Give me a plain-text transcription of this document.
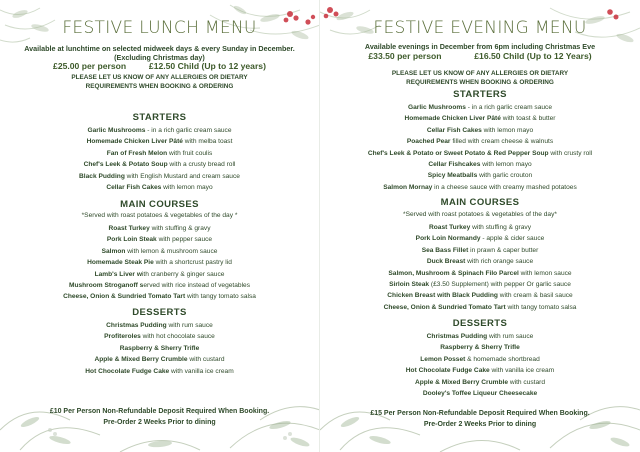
FESTIVE LUNCH MENU
Available at lunchtime on selected midweek days & every Sunday in December.
(Excluding Christmas day)
£25.00 per person	£12.50 Child (Up to 12 years)
PLEASE LET US KNOW OF ANY ALLERGIES OR DIETARY
REQUIREMENTS WHEN BOOKING & ORDERING
STARTERS
Garlic Mushrooms - in a rich garlic cream sauce
Homemade Chicken Liver Pâté with melba toast
Fan of Fresh Melon with fruit coulis
Chef's Leek & Potato Soup with a crusty bread roll
Black Pudding with English Mustard and cream sauce
Cellar Fish Cakes with lemon mayo
MAIN COURSES
*Served with roast potatoes & vegetables of the day *
Roast Turkey with stuffing & gravy
Pork Loin Steak with pepper sauce
Salmon with lemon & mushroom sauce
Homemade Steak Pie with a shortcrust pastry lid
Lamb's Liver with cranberry & ginger sauce
Mushroom Stroganoff served with rice instead of vegetables
Cheese, Onion & Sundried Tomato Tart with tangy tomato salsa
DESSERTS
Christmas Pudding with rum sauce
Profiteroles with hot chocolate sauce
Raspberry & Sherry Trifle
Apple & Mixed Berry Crumble with custard
Hot Chocolate Fudge Cake with vanilla ice cream
£10 Per Person Non-Refundable Deposit Required When Booking.
Pre-Order 2 Weeks Prior to dining
FESTIVE EVENING MENU
Available evenings in December from 6pm including Christmas Eve
£33.50 per person	£16.50 Child (Up to 12 Years)
PLEASE LET US KNOW OF ANY ALLERGIES OR DIETARY
REQUIREMENTS WHEN BOOKING & ORDERING
STARTERS
Garlic Mushrooms - in a rich garlic cream sauce
Homemade Chicken Liver Pâté with toast & butter
Cellar Fish Cakes with lemon mayo
Poached Pear filled with cream cheese & walnuts
Chef's Leek & Potato or Sweet Potato & Red Pepper Soup with crusty roll
Cellar Fishcakes with lemon mayo
Spicy Meatballs with garlic crouton
Salmon Mornay in a cheese sauce with creamy mashed potatoes
MAIN COURSES
*Served with roast potatoes & vegetables of the day*
Roast Turkey with stuffing & gravy
Pork Loin Normandy - apple & cider sauce
Sea Bass Fillet in prawn & caper butter
Duck Breast with rich orange sauce
Salmon, Mushroom & Spinach Filo Parcel with lemon sauce
Sirloin Steak (£3.50 Supplement) with pepper Or garlic sauce
Chicken Breast with Black Pudding with cream & basil sauce
Cheese, Onion & Sundried Tomato Tart with tangy tomato salsa
DESSERTS
Christmas Pudding with rum sauce
Raspberry & Sherry Trifle
Lemon Posset & homemade shortbread
Hot Chocolate Fudge Cake with vanilla ice cream
Apple & Mixed Berry Crumble with custard
Dooley's Toffee Liqueur Cheesecake
£15 Per Person Non-Refundable Deposit Required When Booking.
Pre-Order 2 Weeks Prior to dining
